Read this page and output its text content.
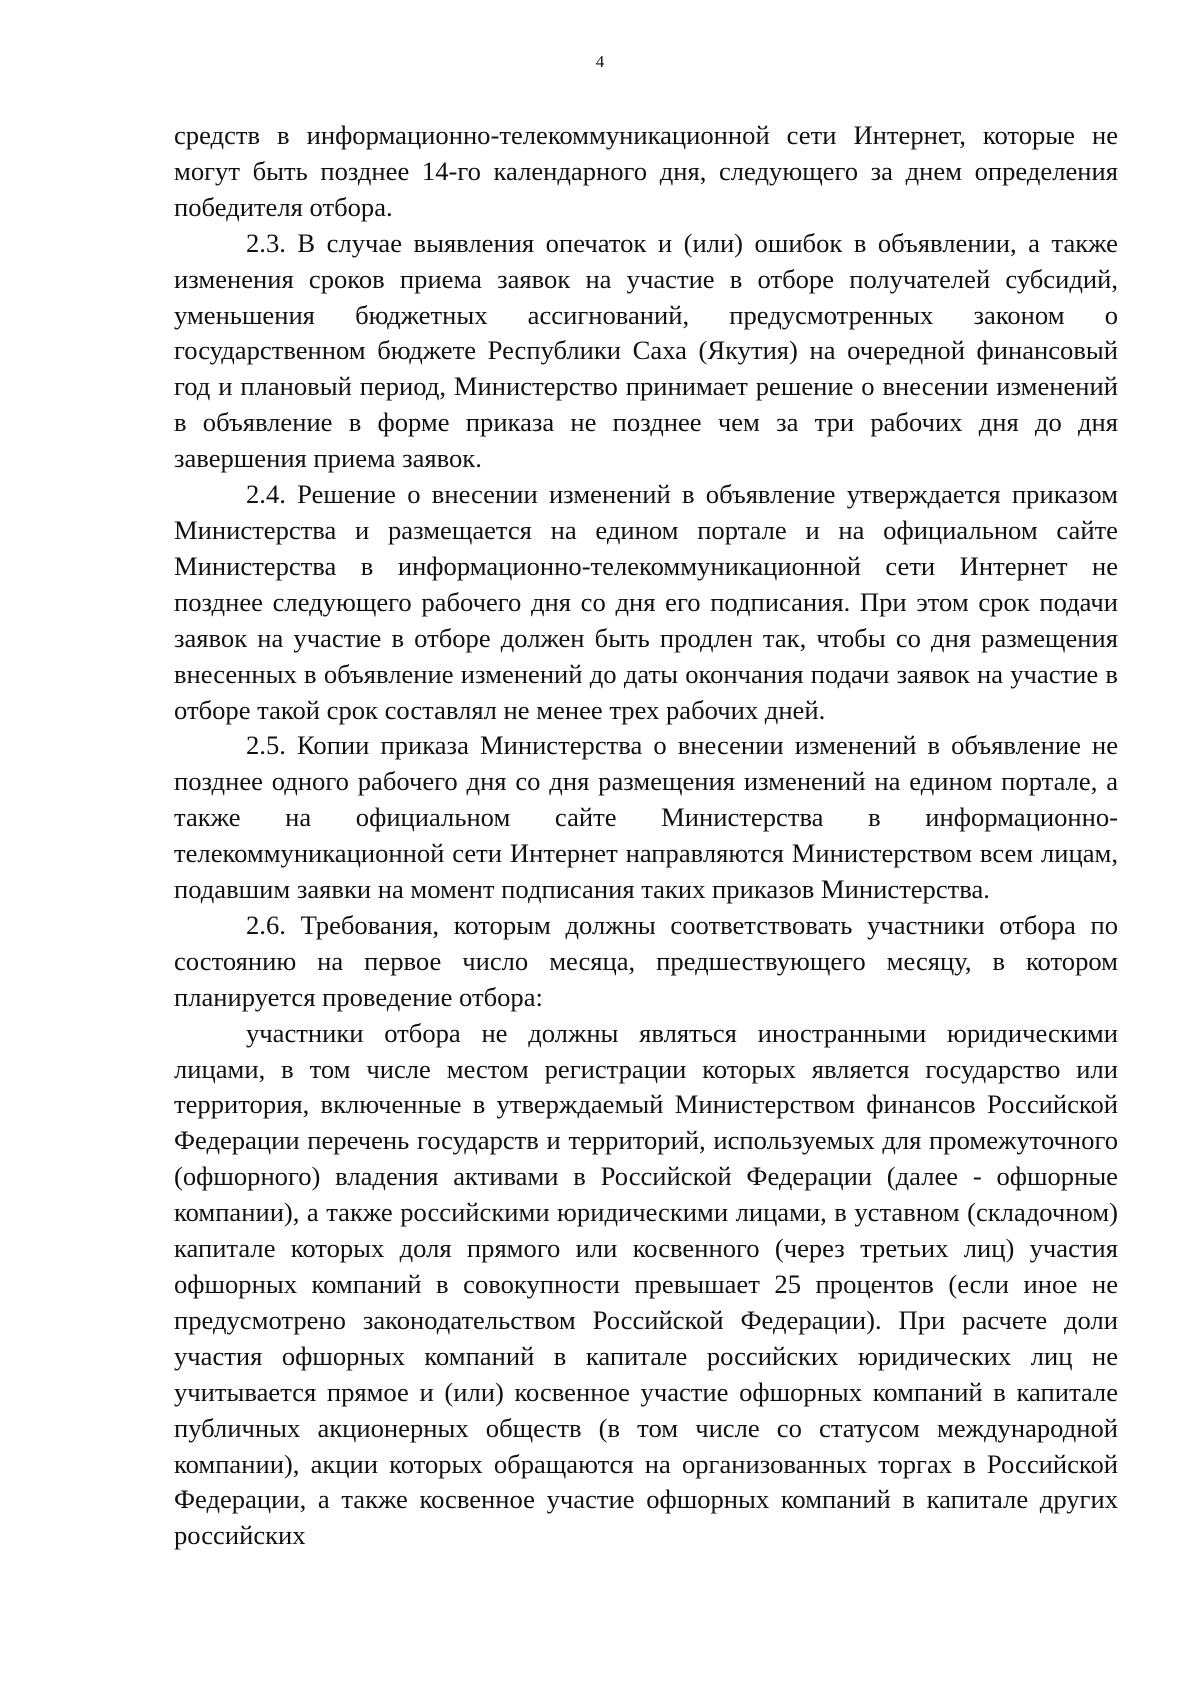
4

средств в информационно-телекоммуникационной сети Интернет, которые не могут быть позднее 14-го календарного дня, следующего за днем определения победителя отбора.

2.3. В случае выявления опечаток и (или) ошибок в объявлении, а также изменения сроков приема заявок на участие в отборе получателей субсидий, уменьшения бюджетных ассигнований, предусмотренных законом о государственном бюджете Республики Саха (Якутия) на очередной финансовый год и плановый период, Министерство принимает решение о внесении изменений в объявление в форме приказа не позднее чем за три рабочих дня до дня завершения приема заявок.

2.4. Решение о внесении изменений в объявление утверждается приказом Министерства и размещается на едином портале и на официальном сайте Министерства в информационно-телекоммуникационной сети Интернет не позднее следующего рабочего дня со дня его подписания. При этом срок подачи заявок на участие в отборе должен быть продлен так, чтобы со дня размещения внесенных в объявление изменений до даты окончания подачи заявок на участие в отборе такой срок составлял не менее трех рабочих дней.

2.5. Копии приказа Министерства о внесении изменений в объявление не позднее одного рабочего дня со дня размещения изменений на едином портале, а также на официальном сайте Министерства в информационно-телекоммуникационной сети Интернет направляются Министерством всем лицам, подавшим заявки на момент подписания таких приказов Министерства.

2.6. Требования, которым должны соответствовать участники отбора по состоянию на первое число месяца, предшествующего месяцу, в котором планируется проведение отбора:

участники отбора не должны являться иностранными юридическими лицами, в том числе местом регистрации которых является государство или территория, включенные в утверждаемый Министерством финансов Российской Федерации перечень государств и территорий, используемых для промежуточного (офшорного) владения активами в Российской Федерации (далее - офшорные компании), а также российскими юридическими лицами, в уставном (складочном) капитале которых доля прямого или косвенного (через третьих лиц) участия офшорных компаний в совокупности превышает 25 процентов (если иное не предусмотрено законодательством Российской Федерации). При расчете доли участия офшорных компаний в капитале российских юридических лиц не учитывается прямое и (или) косвенное участие офшорных компаний в капитале публичных акционерных обществ (в том числе со статусом международной компании), акции которых обращаются на организованных торгах в Российской Федерации, а также косвенное участие офшорных компаний в капитале других российских
